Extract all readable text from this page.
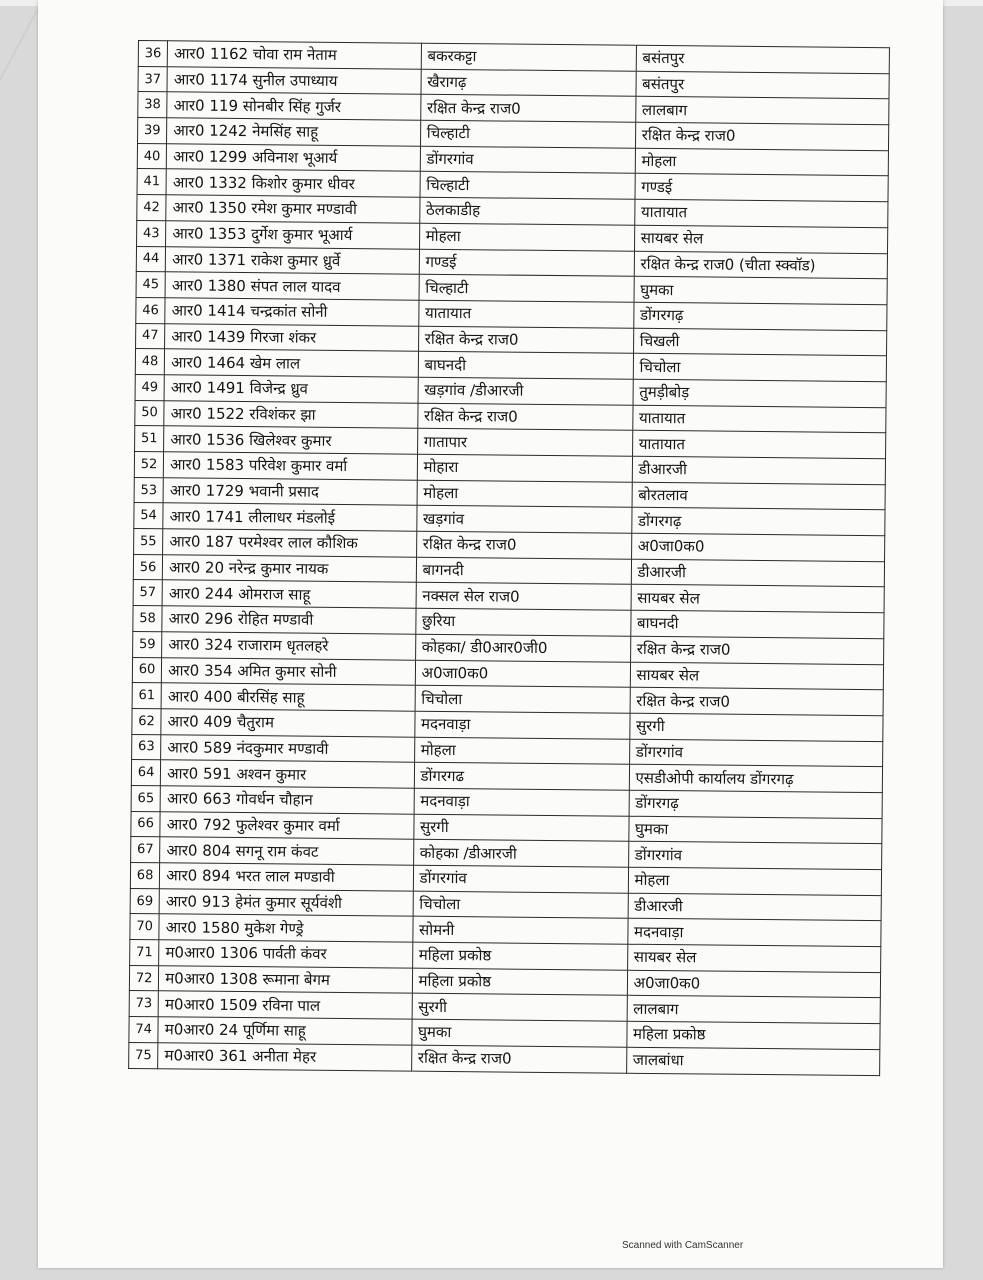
36	आर0 1162 चोवा राम नेताम	बकरकट्टा	बसंतपुर
37	आर0 1174 सुनील उपाध्याय	खैरागढ़	बसंतपुर
38	आर0 119 सोनबीर सिंह गुर्जर	रक्षित केन्द्र राज0	लालबाग
39	आर0 1242 नेमसिंह साहू	चिल्हाटी	रक्षित केन्द्र राज0
40	आर0 1299 अविनाश भूआर्य	डोंगरगांव	मोहला
41	आर0 1332 किशोर कुमार धीवर	चिल्हाटी	गण्डई
42	आर0 1350 रमेश कुमार मण्डावी	ठेलकाडीह	यातायात
43	आर0 1353 दुर्गेश कुमार भूआर्य	मोहला	सायबर सेल
44	आर0 1371 राकेश कुमार ध्रुर्वे	गण्डई	रक्षित केन्द्र राज0 (चीता स्क्वॉड)
45	आर0 1380 संपत लाल यादव	चिल्हाटी	घुमका
46	आर0 1414 चन्द्रकांत सोनी	यातायात	डोंगरगढ़
47	आर0 1439 गिरजा शंकर	रक्षित केन्द्र राज0	चिखली
48	आर0 1464 खेम लाल	बाघनदी	चिचोला
49	आर0 1491 विजेन्द्र ध्रुव	खड़गांव /डीआरजी	तुमड़ीबोड़
50	आर0 1522 रविशंकर झा	रक्षित केन्द्र राज0	यातायात
51	आर0 1536 खिलेश्वर कुमार	गातापार	यातायात
52	आर0 1583 परिवेश कुमार वर्मा	मोहारा	डीआरजी
53	आर0 1729 भवानी प्रसाद	मोहला	बोरतलाव
54	आर0 1741 लीलाधर मंडलोई	खड़गांव	डोंगरगढ़
55	आर0 187 परमेश्वर लाल कौशिक	रक्षित केन्द्र राज0	अ0जा0क0
56	आर0 20 नरेन्द्र कुमार नायक	बागनदी	डीआरजी
57	आर0 244 ओमराज साहू	नक्सल सेल राज0	सायबर सेल
58	आर0 296 रोहित मण्डावी	छुरिया	बाघनदी
59	आर0 324 राजाराम धृतलहरे	कोहका/ डी0आर0जी0	रक्षित केन्द्र राज0
60	आर0 354 अमित कुमार सोनी	अ0जा0क0	सायबर सेल
61	आर0 400 बीरसिंह साहू	चिचोला	रक्षित केन्द्र राज0
62	आर0 409 चैतुराम	मदनवाड़ा	सुरगी
63	आर0 589 नंदकुमार मण्डावी	मोहला	डोंगरगांव
64	आर0 591 अश्वन कुमार	डोंगरगढ	एसडीओपी कार्यालय डोंगरगढ़
65	आर0 663 गोवर्धन चौहान	मदनवाड़ा	डोंगरगढ़
66	आर0 792 फुलेश्वर कुमार वर्मा	सुरगी	घुमका
67	आर0 804 सगनू राम कंवट	कोहका /डीआरजी	डोंगरगांव
68	आर0 894 भरत लाल मण्डावी	डोंगरगांव	मोहला
69	आर0 913 हेमंत कुमार सूर्यवंशी	चिचोला	डीआरजी
70	आर0 1580 मुकेश गेण्ड्रे	सोमनी	मदनवाड़ा
71	म0आर0 1306 पार्वती कंवर	महिला प्रकोष्ठ	सायबर सेल
72	म0आर0 1308 रूमाना बेगम	महिला प्रकोष्ठ	अ0जा0क0
73	म0आर0 1509 रविना पाल	सुरगी	लालबाग
74	म0आर0 24 पूर्णिमा साहू	घुमका	महिला प्रकोष्ठ
75	म0आर0 361 अनीता मेहर	रक्षित केन्द्र राज0	जालबांधा
Scanned with CamScanner
